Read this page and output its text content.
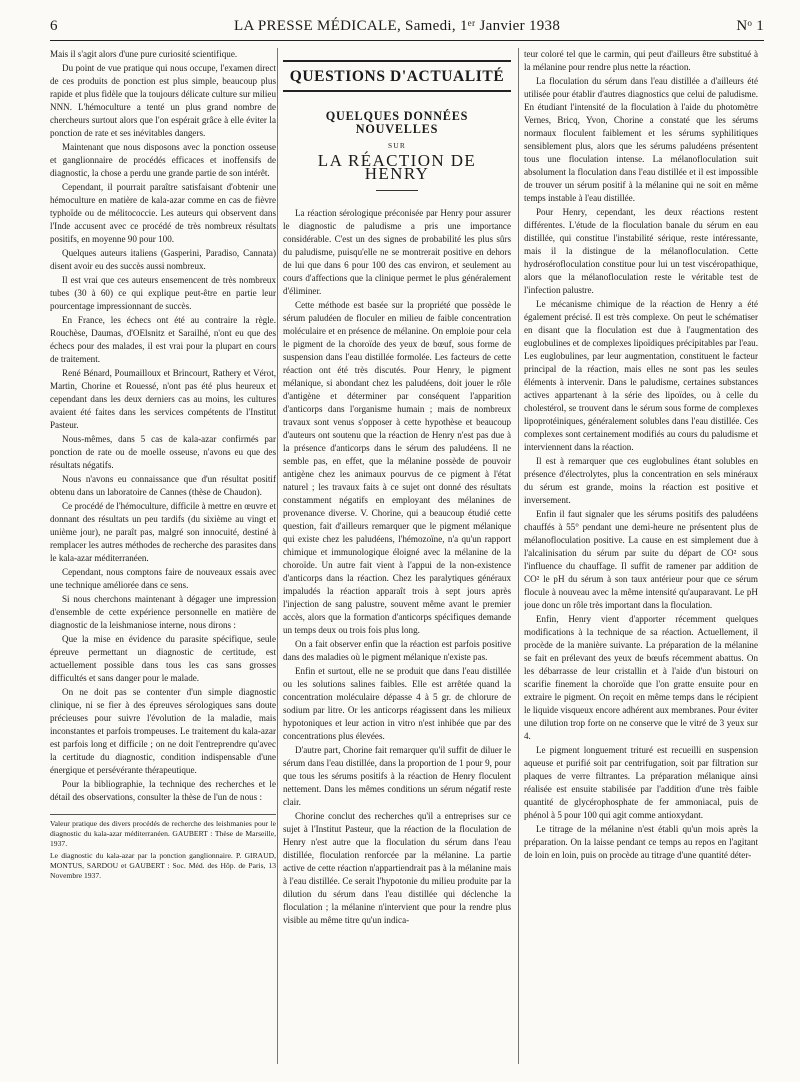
6	LA PRESSE MÉDICALE, Samedi, 1ᵉʳ Janvier 1938	Nᵒ 1

Mais il s'agit alors d'une pure curiosité scientifique.

Du point de vue pratique qui nous occupe, l'examen direct de ces produits de ponction est plus simple, beaucoup plus rapide et plus fidèle que la toujours délicate culture sur milieu NNN. L'hémoculture a tenté un plus grand nombre de chercheurs surtout alors que l'on espérait grâce à elle éviter la ponction de rate et ses inévitables dangers.

Maintenant que nous disposons avec la ponction osseuse et ganglionnaire de procédés efficaces et inoffensifs de diagnostic, la chose a perdu une grande partie de son intérêt.

Cependant, il pourrait paraître satisfaisant d'obtenir une hémoculture en matière de kala-azar comme en cas de fièvre typhoïde ou de mélitococcie. Les auteurs qui observent dans l'Inde accusent avec ce procédé de très nombreux résultats positifs, en moyenne 90 pour 100.

Quelques auteurs italiens (Gasperini, Paradiso, Cannata) disent avoir eu des succès aussi nombreux.

Il est vrai que ces auteurs ensemencent de très nombreux tubes (30 à 60) ce qui explique peut-être en partie leur pourcentage impressionnant de succès.

En France, les échecs ont été au contraire la règle. Rouchèse, Daumas, d'OElsnitz et Sarailhé, n'ont eu que des échecs pour des malades, il est vrai pour la plupart en cours de traitement.

René Bénard, Poumailloux et Brincourt, Rathery et Vérot, Martin, Chorine et Rouessé, n'ont pas été plus heureux et cependant dans les deux derniers cas au moins, les cultures avaient été faites dans les services compétents de l'Institut Pasteur.

Nous-mêmes, dans 5 cas de kala-azar confirmés par ponction de rate ou de moelle osseuse, n'avons eu que des résultats négatifs.

Nous n'avons eu connaissance que d'un résultat positif obtenu dans un laboratoire de Cannes (thèse de Chaudon).

Ce procédé de l'hémoculture, difficile à mettre en œuvre et donnant des résultats un peu tardifs (du sixième au vingt et unième jour), ne paraît pas, malgré son innocuité, destiné à remplacer les autres méthodes de recherche des parasites dans le kala-azar méditerranéen.

Cependant, nous comptons faire de nouveaux essais avec une technique améliorée dans ce sens.

Si nous cherchons maintenant à dégager une impression d'ensemble de cette expérience personnelle en matière de diagnostic de la leishmaniose interne, nous dirons :

Que la mise en évidence du parasite spécifique, seule épreuve permettant un diagnostic de certitude, est actuellement possible dans tous les cas sans grosses difficultés et sans danger pour le malade.

On ne doit pas se contenter d'un simple diagnostic clinique, ni se fier à des épreuves sérologiques sans doute précieuses pour suivre l'évolution de la maladie, mais inconstantes et parfois trompeuses. Le traitement du kala-azar est parfois long et difficile ; on ne doit l'entreprendre qu'avec la certitude du diagnostic, condition indispensable d'une énergique et persévérante thérapeutique.

Pour la bibliographie, la technique des recherches et le détail des observations, consulter la thèse de l'un de nous :

Valeur pratique des divers procédés de recherche des leishmanies pour le diagnostic du kala-azar méditerranéen. GAUBERT : Thèse de Marseille, 1937.

Le diagnostic du kala-azar par la ponction ganglionnaire. P. GIRAUD, MONTUS, SARDOU et GAUBERT : Soc. Méd. des Hôp. de Paris, 13 Novembre 1937.

QUESTIONS D'ACTUALITÉ
QUELQUES DONNÉES NOUVELLES
SUR
LA RÉACTION DE HENRY

La réaction sérologique préconisée par Henry pour assurer le diagnostic de paludisme a pris une importance considérable. C'est un des signes de probabilité les plus sûrs du paludisme, puisqu'elle ne se montrerait positive en dehors de lui que dans 6 pour 100 des cas environ, et seulement au cours d'affections que la clinique permet le plus généralement d'éliminer.

Cette méthode est basée sur la propriété que possède le sérum paludéen de floculer en milieu de faible concentration moléculaire et en présence de mélanine. On emploie pour cela le pigment de la choroïde des yeux de bœuf, sous forme de suspension dans l'eau distillée formolée. Les facteurs de cette réaction ont été très discutés. Pour Henry, le pigment mélanique, si abondant chez les paludéens, doit jouer le rôle d'antigène et déterminer par conséquent l'apparition d'anticorps dans l'organisme humain ; mais de nombreux travaux sont venus s'opposer à cette hypothèse et beaucoup d'auteurs ont soutenu que la réaction de Henry n'est pas due à la présence d'anticorps dans le sérum des paludéens. Il ne semble pas, en effet, que la mélanine possède de pouvoir antigène chez les animaux pourvus de ce pigment à l'état naturel ; les travaux faits à ce sujet ont donné des résultats constamment négatifs en employant des mélanines de provenance diverse. V. Chorine, qui a beaucoup étudié cette question, fait d'ailleurs remarquer que le pigment mélanique qui existe chez les paludéens, l'hémozoïne, n'a qu'un rapport chimique et immunologique éloigné avec la mélanine de la choroïde. Un autre fait vient à l'appui de la non-existence d'anticorps dans la réaction. Chez les paralytiques généraux impaludés la réaction apparaît trois à sept jours après l'injection de sang palustre, souvent même avant le premier accès, alors que la formation d'anticorps spécifiques demande un temps deux ou trois fois plus long.

On a fait observer enfin que la réaction est parfois positive dans des maladies où le pigment mélanique n'existe pas.

Enfin et surtout, elle ne se produit que dans l'eau distillée ou les solutions salines faibles. Elle est arrêtée quand la concentration moléculaire dépasse 4 à 5 gr. de chlorure de sodium par litre. Or les anticorps réagissent dans les milieux hypotoniques et leur action in vitro n'est inhibée que par des concentrations plus élevées.

D'autre part, Chorine fait remarquer qu'il suffit de diluer le sérum dans l'eau distillée, dans la proportion de 1 pour 9, pour que tous les sérums positifs à la réaction de Henry floculent nettement. Dans les mêmes conditions un sérum négatif reste clair.

Chorine conclut des recherches qu'il a entreprises sur ce sujet à l'Institut Pasteur, que la réaction de la floculation de Henry n'est autre que la floculation du sérum dans l'eau distillée, floculation renforcée par la mélanine. La partie active de cette réaction n'appartiendrait pas à la mélanine mais à l'eau distillée. Ce serait l'hypotonie du milieu produite par la dilution du sérum dans l'eau distillée qui déclenche la floculation ; la mélanine n'intervient que pour la rendre plus visible au même titre qu'un indica-

teur coloré tel que le carmin, qui peut d'ailleurs être substitué à la mélanine pour rendre plus nette la réaction.

La floculation du sérum dans l'eau distillée a d'ailleurs été utilisée pour établir d'autres diagnostics que celui de paludisme. En étudiant l'intensité de la floculation à l'aide du photomètre Vernes, Bricq, Yvon, Chorine a constaté que les sérums normaux floculent faiblement et les sérums syphilitiques sensiblement plus, alors que les sérums paludéens présentent tous une floculation intense. La mélanofloculation suit absolument la floculation dans l'eau distillée et il est impossible de trouver un sérum positif à la mélanine qui ne soit en même temps instable à l'eau distillée.

Pour Henry, cependant, les deux réactions restent différentes. L'étude de la floculation banale du sérum en eau distillée, qui constitue l'instabilité sérique, reste intéressante, mais il la distingue de la mélanofloculation. Cette hydrosérofloculation constitue pour lui un test viscéropathique, alors que la mélanofloculation reste le véritable test de l'infection palustre.

Le mécanisme chimique de la réaction de Henry a été également précisé. Il est très complexe. On peut le schématiser en disant que la floculation est due à l'augmentation des euglobulines et de complexes lipoïdiques précipitables par l'eau. Les euglobulines, par leur augmentation, constituent le facteur principal de la réaction, mais elles ne sont pas les seules éléments à intervenir. Dans le paludisme, certaines substances actives appartenant à la série des lipoïdes, ou à celle du cholestérol, se trouvent dans le sérum sous forme de complexes lipoprotéiniques, généralement solubles dans l'eau distillée. Ces complexes sont certainement modifiés au cours du paludisme et interviennent dans la réaction.

Il est à remarquer que ces euglobulines étant solubles en présence d'électrolytes, plus la concentration en sels minéraux du sérum est grande, moins la réaction est positive et inversement.

Enfin il faut signaler que les sérums positifs des paludéens chauffés à 55° pendant une demi-heure ne présentent plus de mélanofloculation positive. La cause en est simplement due à l'alcalinisation du sérum par suite du départ de CO² sous l'influence du chauffage. Il suffit de ramener par addition de CO² le pH du sérum à son taux antérieur pour que ce sérum flocule à nouveau avec la même intensité qu'auparavant. Le pH joue donc un rôle très important dans la floculation.

Enfin, Henry vient d'apporter récemment quelques modifications à la technique de sa réaction. Actuellement, il procède de la manière suivante. La préparation de la mélanine se fait en prélevant des yeux de bœufs récemment abattus. On les débarrasse de leur cristallin et à l'aide d'un bistouri on scarifie finement la choroïde que l'on gratte ensuite pour en extraire le pigment. On reçoit en même temps dans le récipient le liquide visqueux encore adhérent aux membranes. Pour éviter une dilution trop forte on ne conserve que le vitré de 3 yeux sur 4.

Le pigment longuement trituré est recueilli en suspension aqueuse et purifié soit par centrifugation, soit par filtration sur plaques de verre filtrantes. La préparation mélanique ainsi réalisée est ensuite stabilisée par l'addition d'une très faible quantité de glycérophosphate de fer ammoniacal, puis de phénol à 5 pour 100 qui agit comme antioxydant.

Le titrage de la mélanine n'est établi qu'un mois après la préparation. On la laisse pendant ce temps au repos en l'agitant de loin en loin, puis on procède au titrage d'une quantité déter-
